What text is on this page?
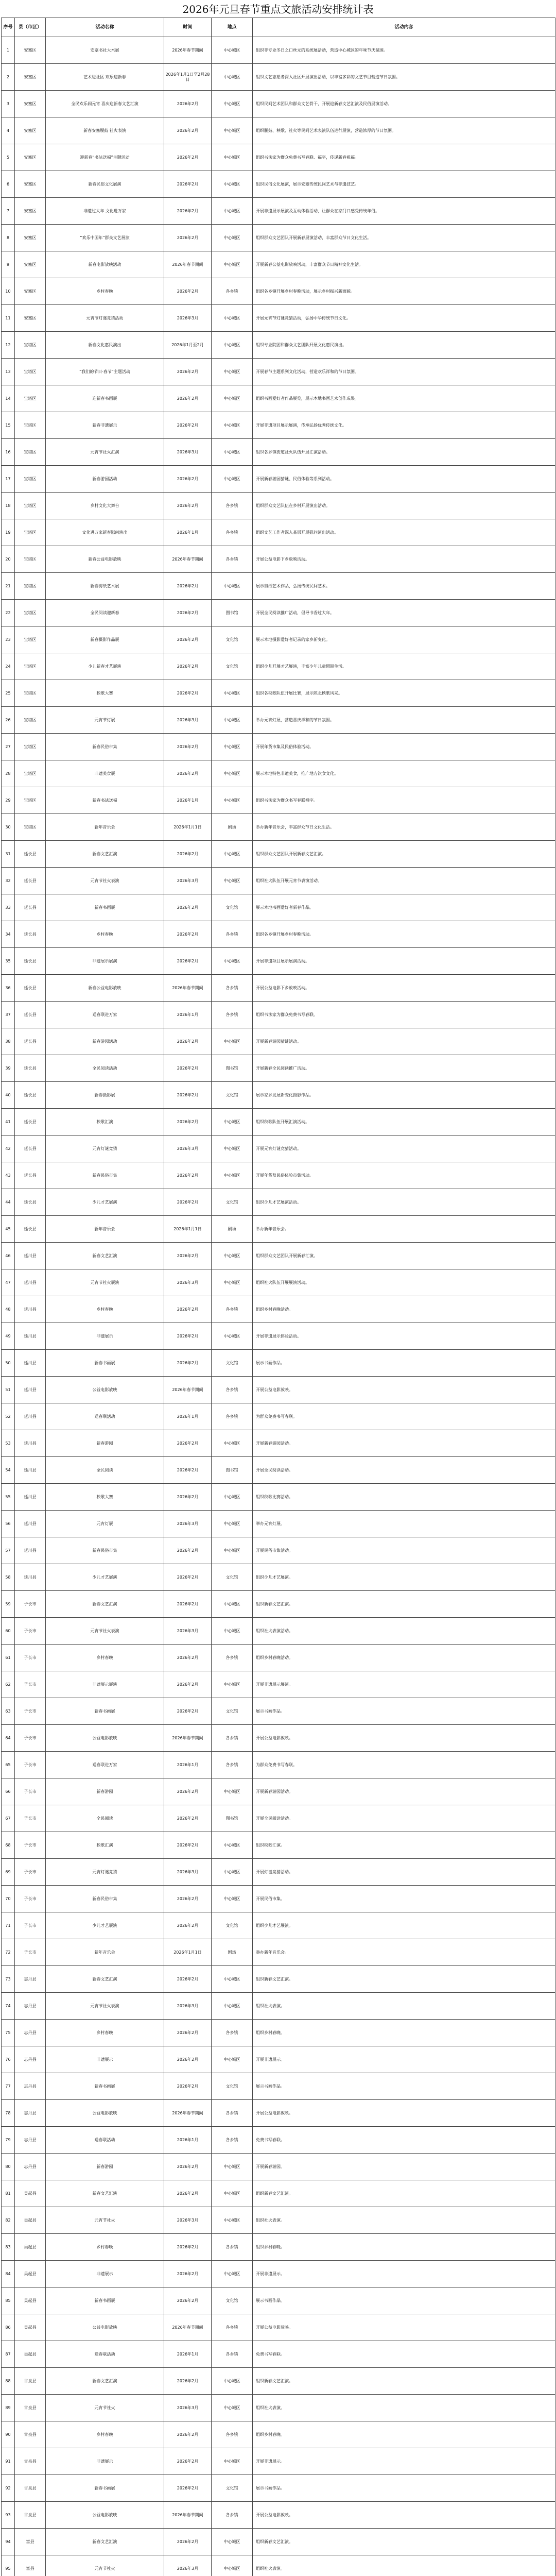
2026年元旦春节重点文旅活动安排统计表
序号	县（市区）	活动名称	时间	地点	活动内容
1	安塞区	安塞书社大木展	2026年春节期间	中心城区	组织非专业冬日之口丝元的系统展活动，营造中心城区的年味节庆氛围。
2	安塞区	艺术进社区 欢乐迎新春	2026年1月1日至2月28日	中心城区	组织文艺志愿者深入社区开展演出活动，以丰富多彩的文艺节目营造节日氛围。
3	安塞区	全民欢乐闹元宵 喜庆迎新春文艺汇演	2026年2月	中心城区	组织民间艺术团队和群众文艺骨干，开展迎新春文艺汇演及民俗展演活动。
4	安塞区	新春安塞腰鼓 社火表演	2026年2月	中心城区	组织腰鼓、秧歌、社火等民间艺术表演队伍进行展演，营造浓厚的节日氛围。
5	安塞区	迎新春“书法送福”主题活动	2026年2月	中心城区	组织书法家为群众免费书写春联、福字，传递新春祝福。
6	安塞区	新春民俗文化展演	2026年2月	中心城区	组织民俗文化展演，展示安塞传统民间艺术与非遗技艺。
7	安塞区	非遗过大年 文化进万家	2026年2月	中心城区	开展非遗展示展演及互动体验活动，让群众在家门口感受传统年俗。
8	安塞区	“欢乐中国年”群众文艺展演	2026年2月	中心城区	组织群众文艺团队开展新春展演活动，丰富群众节日文化生活。
9	安塞区	新春电影放映活动	2026年春节期间	中心城区	开展新春公益电影放映活动，丰富群众节日精神文化生活。
10	安塞区	乡村春晚	2026年2月	各乡镇	组织各乡镇开展乡村春晚活动，展示乡村振兴新面貌。
11	安塞区	元宵节灯谜竞猜活动	2026年3月	中心城区	开展元宵节灯谜竞猜活动，弘扬中华传统节日文化。
12	宝塔区	新春文化惠民演出	2026年1月至2月	中心城区	组织专业院团和群众文艺团队开展文化惠民演出。
13	宝塔区	“我们的节日·春节”主题活动	2026年2月	中心城区	开展春节主题系列文化活动，营造欢乐祥和的节日氛围。
14	宝塔区	迎新春书画展	2026年2月	中心城区	组织书画爱好者作品展览，展示本地书画艺术创作成果。
15	宝塔区	新春非遗展示	2026年2月	中心城区	开展非遗项目展示展演，传承弘扬优秀传统文化。
16	宝塔区	元宵节社火汇演	2026年3月	中心城区	组织各乡镇街道社火队伍开展汇演活动。
17	宝塔区	新春游园活动	2026年2月	中心城区	开展新春游园猜谜、民俗体验等系列活动。
18	宝塔区	乡村文化大舞台	2026年2月	各乡镇	组织群众文艺队伍在乡村开展演出活动。
19	宝塔区	文化进万家新春慰问演出	2026年1月	各乡镇	组织文艺工作者深入基层开展慰问演出活动。
20	宝塔区	新春公益电影放映	2026年春节期间	各乡镇	开展公益电影下乡放映活动。
21	宝塔区	新春剪纸艺术展	2026年2月	中心城区	展示剪纸艺术作品，弘扬传统民间艺术。
22	宝塔区	全民阅读迎新春	2026年2月	图书馆	开展全民阅读推广活动，倡导书香过大年。
23	宝塔区	新春摄影作品展	2026年2月	文化馆	展示本地摄影爱好者记录的家乡新变化。
24	宝塔区	少儿新春才艺展演	2026年2月	文化馆	组织少儿开展才艺展演，丰富少年儿童假期生活。
25	宝塔区	秧歌大赛	2026年2月	中心城区	组织各秧歌队伍开展比赛，展示陕北秧歌风采。
26	宝塔区	元宵节灯展	2026年3月	中心城区	举办元宵灯展，营造喜庆祥和的节日氛围。
27	宝塔区	新春民俗市集	2026年2月	中心城区	开展年货市集及民俗体验活动。
28	宝塔区	非遗美食展	2026年2月	中心城区	展示本地特色非遗美食，推广地方饮食文化。
29	宝塔区	新春书法送福	2026年1月	中心城区	组织书法家为群众书写春联福字。
30	宝塔区	新年音乐会	2026年1月1日	剧场	举办新年音乐会，丰富群众节日文化生活。
31	延长县	新春文艺汇演	2026年2月	中心城区	组织群众文艺团队开展新春文艺汇演。
32	延长县	元宵节社火表演	2026年3月	中心城区	组织社火队伍开展元宵节表演活动。
33	延长县	新春书画展	2026年2月	文化馆	展示本地书画爱好者新春作品。
34	延长县	乡村春晚	2026年2月	各乡镇	组织各乡镇开展乡村春晚活动。
35	延长县	非遗展示展演	2026年2月	中心城区	开展非遗项目展示展演活动。
36	延长县	新春公益电影放映	2026年春节期间	各乡镇	开展公益电影下乡放映活动。
37	延长县	送春联进万家	2026年1月	各乡镇	组织书法家为群众免费书写春联。
38	延长县	新春游园活动	2026年2月	中心城区	开展新春游园猜谜活动。
39	延长县	全民阅读活动	2026年2月	图书馆	开展新春全民阅读推广活动。
40	延长县	新春摄影展	2026年2月	文化馆	展示家乡发展新变化摄影作品。
41	延长县	秧歌汇演	2026年2月	中心城区	组织秧歌队伍开展汇演活动。
42	延长县	元宵灯谜竞猜	2026年3月	中心城区	开展元宵灯谜竞猜活动。
43	延长县	新春民俗市集	2026年2月	中心城区	开展年货及民俗体验市集活动。
44	延长县	少儿才艺展演	2026年2月	文化馆	组织少儿才艺展演活动。
45	延长县	新年音乐会	2026年1月1日	剧场	举办新年音乐会。
46	延川县	新春文艺汇演	2026年2月	中心城区	组织群众文艺团队开展新春汇演。
47	延川县	元宵节社火展演	2026年3月	中心城区	组织社火队伍开展展演活动。
48	延川县	乡村春晚	2026年2月	各乡镇	组织乡村春晚活动。
49	延川县	非遗展示	2026年2月	中心城区	开展非遗展示体验活动。
50	延川县	新春书画展	2026年2月	文化馆	展示书画作品。
51	延川县	公益电影放映	2026年春节期间	各乡镇	开展公益电影放映。
52	延川县	送春联活动	2026年1月	各乡镇	为群众免费书写春联。
53	延川县	新春游园	2026年2月	中心城区	开展新春游园活动。
54	延川县	全民阅读	2026年2月	图书馆	开展全民阅读活动。
55	延川县	秧歌大赛	2026年2月	中心城区	组织秧歌比赛活动。
56	延川县	元宵灯展	2026年3月	中心城区	举办元宵灯展。
57	延川县	新春民俗市集	2026年2月	中心城区	开展民俗市集活动。
58	延川县	少儿才艺展演	2026年2月	文化馆	组织少儿才艺展演。
59	子长市	新春文艺汇演	2026年2月	中心城区	组织新春文艺汇演。
60	子长市	元宵节社火表演	2026年3月	中心城区	组织社火表演活动。
61	子长市	乡村春晚	2026年2月	各乡镇	组织乡村春晚活动。
62	子长市	非遗展示展演	2026年2月	中心城区	开展非遗展示展演。
63	子长市	新春书画展	2026年2月	文化馆	展示书画作品。
64	子长市	公益电影放映	2026年春节期间	各乡镇	开展公益电影放映。
65	子长市	送春联进万家	2026年1月	各乡镇	为群众免费书写春联。
66	子长市	新春游园	2026年2月	中心城区	开展新春游园活动。
67	子长市	全民阅读	2026年2月	图书馆	开展全民阅读活动。
68	子长市	秧歌汇演	2026年2月	中心城区	组织秧歌汇演。
69	子长市	元宵灯谜竞猜	2026年3月	中心城区	开展灯谜竞猜活动。
70	子长市	新春民俗市集	2026年2月	中心城区	开展民俗市集。
71	子长市	少儿才艺展演	2026年2月	文化馆	组织少儿才艺展演。
72	子长市	新年音乐会	2026年1月1日	剧场	举办新年音乐会。
73	志丹县	新春文艺汇演	2026年2月	中心城区	组织新春文艺汇演。
74	志丹县	元宵节社火表演	2026年3月	中心城区	组织社火表演。
75	志丹县	乡村春晚	2026年2月	各乡镇	组织乡村春晚。
76	志丹县	非遗展示	2026年2月	中心城区	开展非遗展示。
77	志丹县	新春书画展	2026年2月	文化馆	展示书画作品。
78	志丹县	公益电影放映	2026年春节期间	各乡镇	开展公益电影放映。
79	志丹县	送春联活动	2026年1月	各乡镇	免费书写春联。
80	志丹县	新春游园	2026年2月	中心城区	开展新春游园。
81	吴起县	新春文艺汇演	2026年2月	中心城区	组织新春文艺汇演。
82	吴起县	元宵节社火	2026年3月	中心城区	组织社火表演。
83	吴起县	乡村春晚	2026年2月	各乡镇	组织乡村春晚。
84	吴起县	非遗展示	2026年2月	中心城区	开展非遗展示。
85	吴起县	新春书画展	2026年2月	文化馆	展示书画作品。
86	吴起县	公益电影放映	2026年春节期间	各乡镇	开展公益电影放映。
87	吴起县	送春联活动	2026年1月	各乡镇	免费书写春联。
88	甘泉县	新春文艺汇演	2026年2月	中心城区	组织新春文艺汇演。
89	甘泉县	元宵节社火	2026年3月	中心城区	组织社火表演。
90	甘泉县	乡村春晚	2026年2月	各乡镇	组织乡村春晚。
91	甘泉县	非遗展示	2026年2月	中心城区	开展非遗展示。
92	甘泉县	新春书画展	2026年2月	文化馆	展示书画作品。
93	甘泉县	公益电影放映	2026年春节期间	各乡镇	开展公益电影放映。
94	富县	新春文艺汇演	2026年2月	中心城区	组织新春文艺汇演。
95	富县	元宵节社火	2026年3月	中心城区	组织社火表演。
